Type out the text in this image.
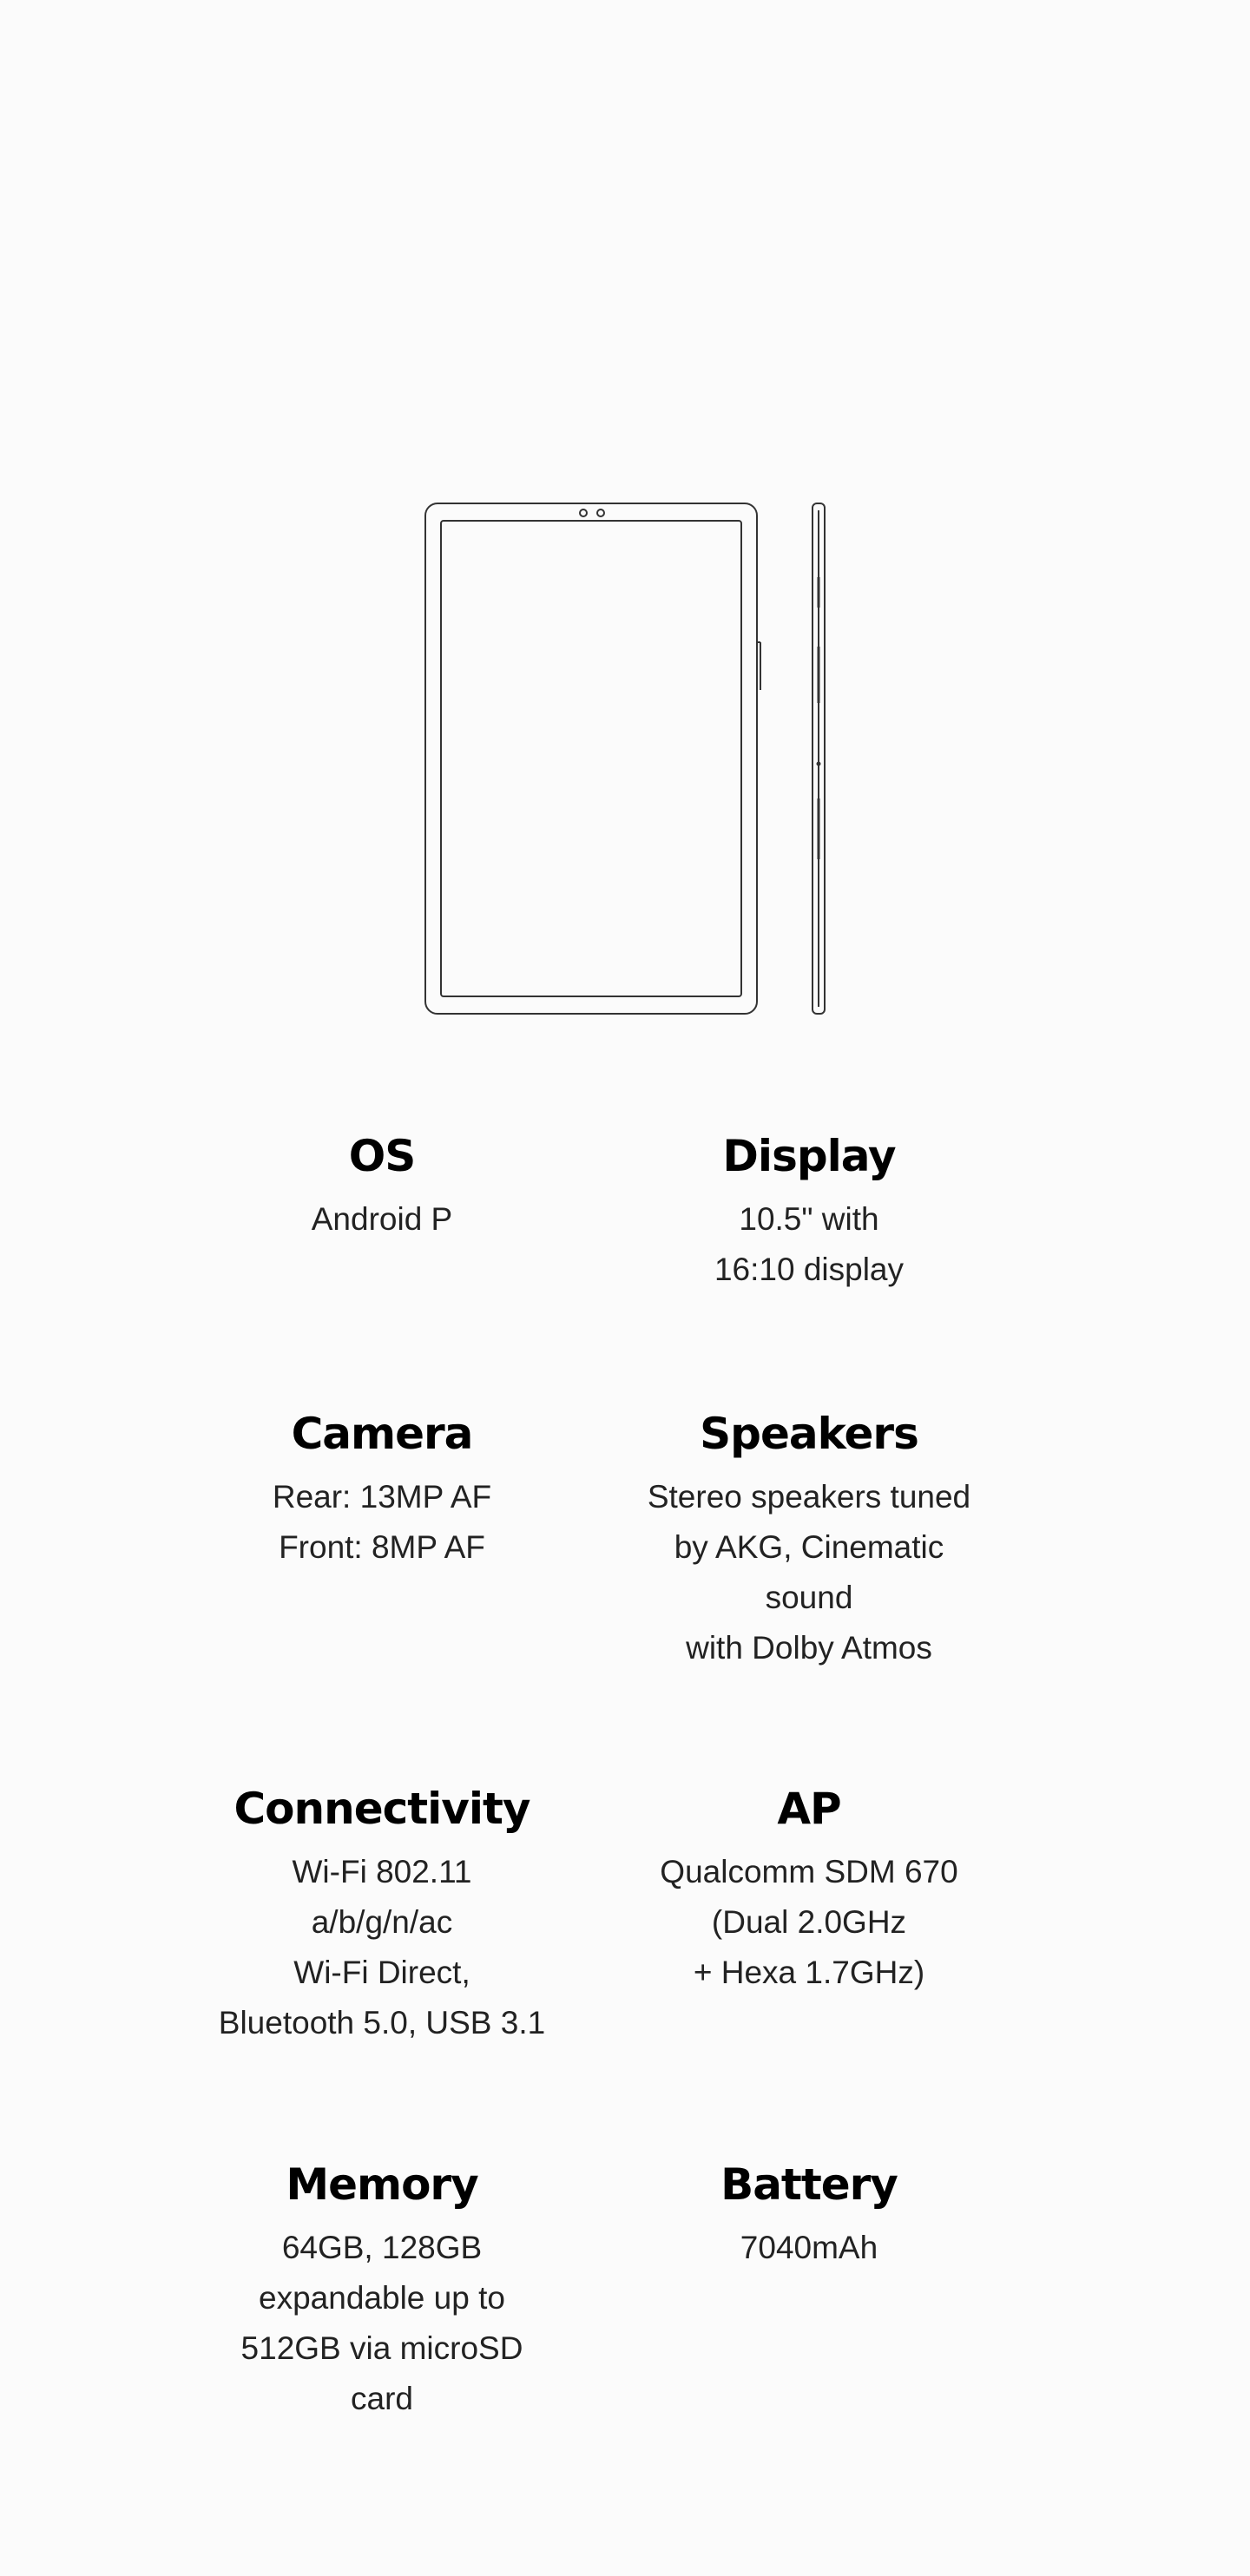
OS
Android P
Display
10.5" with
16:10 display
Camera
Rear: 13MP AF
Front: 8MP AF
Speakers
Stereo speakers tuned
by AKG, Cinematic
sound
with Dolby Atmos
Connectivity
Wi-Fi 802.11
a/b/g/n/ac
Wi-Fi Direct,
Bluetooth 5.0, USB 3.1
AP
Qualcomm SDM 670
(Dual 2.0GHz
+ Hexa 1.7GHz)
Memory
64GB, 128GB
expandable up to
512GB via microSD
card
Battery
7040mAh
